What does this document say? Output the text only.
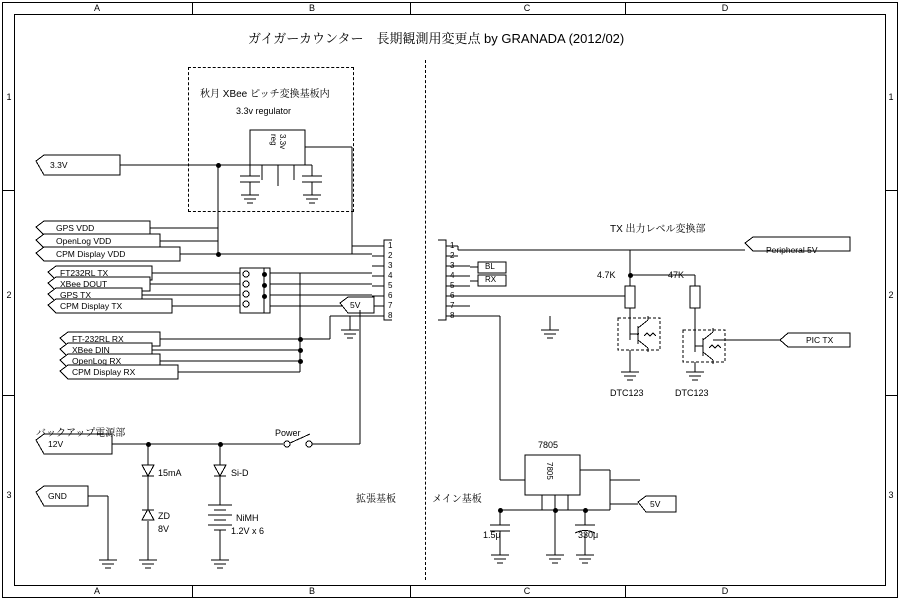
A	B	C	D
A	B	C	D
1
2
3
1
2
3
ガイガーカウンター　長期観測用変更点 by GRANADA (2012/02)
秋月 XBee ピッチ変換基板内
3.3v regulator
3.3V
GPS VDD
OpenLog VDD
CPM Display VDD
FT232RL TX
XBee DOUT
GPS TX
CPM Display TX
FT-232RL RX
XBee DIN
OpenLog RX
CPM Display RX
12V
GND
Peripheral 5V
PIC TX
5V
5V
1
2
3
4
5
6
7
8
1
2
3
4
5
6
7
8
3.3v reg
BL
RX	4.7K	47K
DTC123	DTC123
TX 出力レベル変換部
バックアップ電源部
拡張基板	メイン基板
15mA	Si-D
ZD
8V
NiMH
1.2V x 6
Power
7805
7805
1.5μ	330μ
